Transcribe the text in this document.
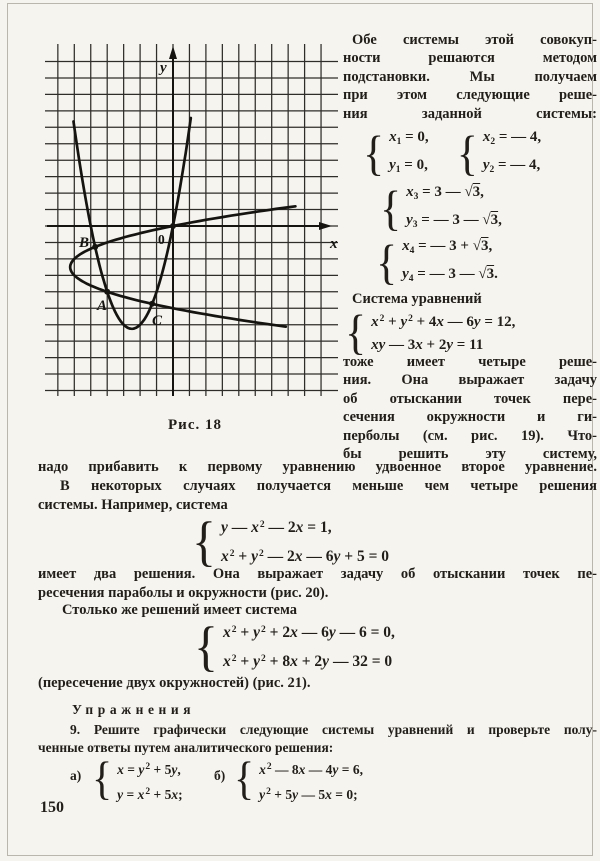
B
A
C
y
x
0
Рис. 18
Обе системы этой совокуп-
ности решаются методом
подстановки. Мы получаем
при этом следующие реше-
ния заданной системы:
{ $x_1 = 0$,
$y_1 = 0$, { $x_2$ = — 4,
$y_2$ = — 4,
{ $x_3 = 3$ — √3,
$y_3$ = — 3 — √3,
{ $x_4$ = — 3 + √3,
$y_4$ = — 3 — √3.
Система уравнений
{ $x^2 + y^2 + 4x$ — 6y = 12,
xy — 3x + 2y = 11
тоже имеет четыре реше-
ния. Она выражает задачу
об отыскании точек пере-
сечения окружности и ги-
перболы (см. рис. 19). Что-
бы решить эту систему,
надо прибавить к первому уравнению удвоенное второе уравнение.
В некоторых случаях получается меньше чем четыре решения
системы. Например, система
{ y — $x^2$ — 2x = 1,
$x^2 + y^2$ — 2x — 6y + 5 = 0
имеет два решения. Она выражает задачу об отыскании точек пе-
ресечения параболы и окружности (рис. 20).
Столько же решений имеет система
{ $x^2 + y^2 + 2x$ — 6y — 6 = 0,
$x^2 + y^2 + 8x + 2y$ — 32 = 0
(пересечение двух окружностей) (рис. 21).
Упражнения
9. Решите графически следующие системы уравнений и проверьте полу-
ченные ответы путем аналитического решения:
а) { $x = y^2 + 5y$,
$y = x^2 + 5x$;
б) { $x^2$ — 8x — 4y = 6,
$y^2 + 5y$ — 5x = 0;
150
